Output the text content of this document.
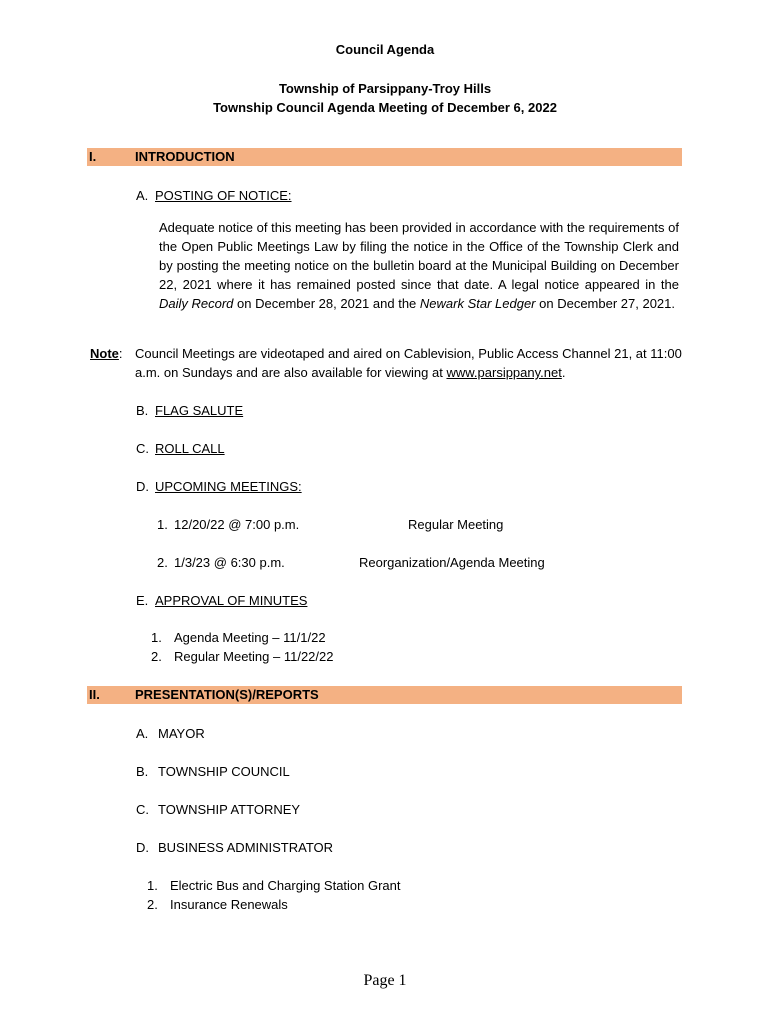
Council Agenda
Township of Parsippany-Troy Hills
Township Council Agenda Meeting of December 6, 2022
I.	INTRODUCTION
A. POSTING OF NOTICE:
Adequate notice of this meeting has been provided in accordance with the requirements of the Open Public Meetings Law by filing the notice in the Office of the Township Clerk and by posting the meeting notice on the bulletin board at the Municipal Building on December 22, 2021 where it has remained posted since that date. A legal notice appeared in the Daily Record on December 28, 2021 and the Newark Star Ledger on December 27, 2021.
Note: Council Meetings are videotaped and aired on Cablevision, Public Access Channel 21, at 11:00 a.m. on Sundays and are also available for viewing at www.parsippany.net.
B. FLAG SALUTE
C. ROLL CALL
D. UPCOMING MEETINGS:
1. 12/20/22 @ 7:00 p.m.	Regular Meeting
2. 1/3/23 @ 6:30 p.m.	Reorganization/Agenda Meeting
E. APPROVAL OF MINUTES
1. Agenda Meeting – 11/1/22
2. Regular Meeting – 11/22/22
II.	PRESENTATION(S)/REPORTS
A. MAYOR
B. TOWNSHIP COUNCIL
C. TOWNSHIP ATTORNEY
D. BUSINESS ADMINISTRATOR
1. Electric Bus and Charging Station Grant
2. Insurance Renewals
Page 1
